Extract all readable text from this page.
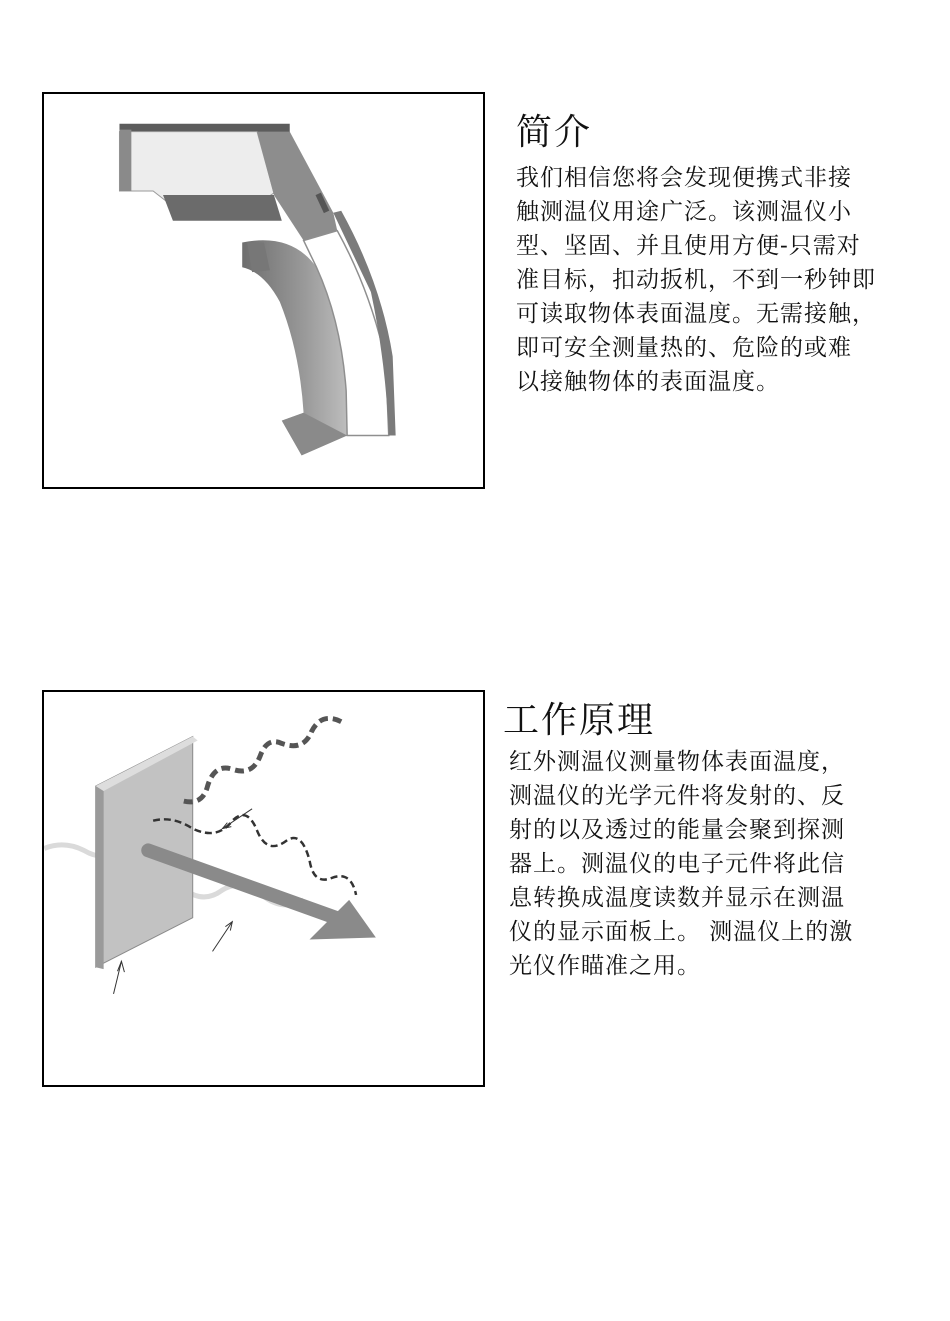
简介
我们相信您将会发现便携式非接
触测温仪用途广泛。该测温仪小
型、坚固、并且使用方便-只需对
准目标，扣动扳机，不到一秒钟即
可读取物体表面温度。无需接触，
即可安全测量热的、危险的或难
以接触物体的表面温度。
工作原理
红外测温仪测量物体表面温度，
测温仪的光学元件将发射的、反
射的以及透过的能量会聚到探测
器上。测温仪的电子元件将此信
息转换成温度读数并显示在测温
仪的显示面板上。 测温仪上的激
光仪作瞄准之用。
